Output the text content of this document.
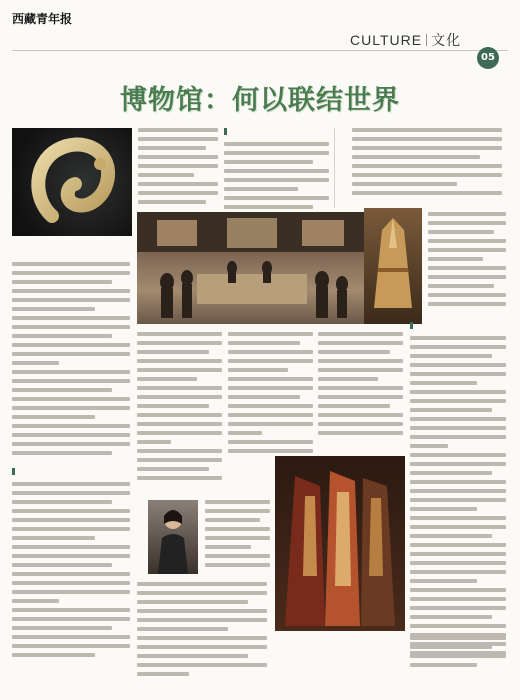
西藏青年报
CULTURE 文化
05
博物馆：何以联结世界
